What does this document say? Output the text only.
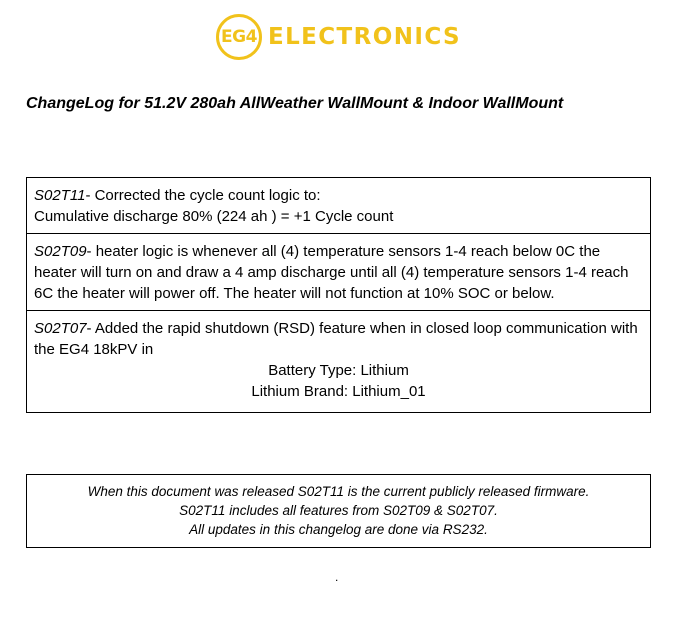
EG4 ELECTRONICS
ChangeLog for 51.2V 280ah AllWeather WallMount & Indoor WallMount
S02T11- Corrected the cycle count logic to:
Cumulative discharge 80% (224 ah ) = +1 Cycle count
S02T09- heater logic is whenever all (4) temperature sensors 1-4 reach below 0C the heater will turn on and draw a 4 amp discharge until all (4) temperature sensors 1-4 reach 6C the heater will power off. The heater will not function at 10% SOC or below.
S02T07- Added the rapid shutdown (RSD) feature when in closed loop communication with the EG4 18kPV in
Battery Type: Lithium
Lithium Brand: Lithium_01
When this document was released S02T11 is the current publicly released firmware.
S02T11 includes all features from S02T09 & S02T07.
All updates in this changelog are done via RS232.
.
